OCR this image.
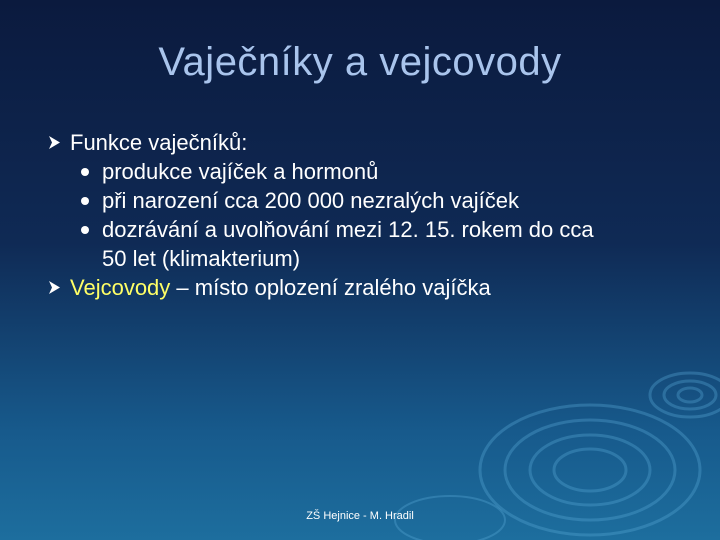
Vaječníky a vejcovody
Funkce vaječníků:
produkce vajíček a hormonů
při narození cca 200 000 nezralých vajíček
dozrávání a uvolňování mezi 12. 15. rokem do cca
50 let (klimakterium)
Vejcovody – místo oplození zralého vajíčka
ZŠ Hejnice - M. Hradil
